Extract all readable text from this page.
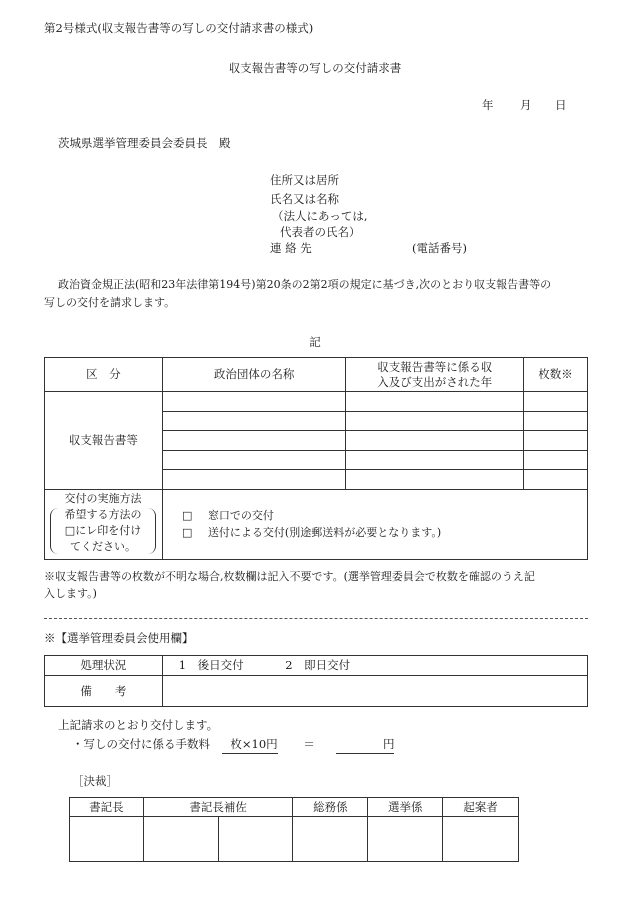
第2号様式(収支報告書等の写しの交付請求書の様式)

収支報告書等の写しの交付請求書

年 月 日

茨城県選挙管理委員会委員長　殿

住所又は居所

氏名又は名称

（法人にあっては,

代表者の氏名）

連 絡 先	(電話番号)

政治資金規正法(昭和23年法律第194号)第20条の2第2項の規定に基づき,次のとおり収支報告書等の

写しの交付を請求します。

記

区　分	政治団体の名称	収支報告書等に係る収
入及び支出がされた年	枚数※
収支報告書等			

交付の実施方法

希望する方法の

□にレ印を付け

てください。

□ 窓口での交付
□ 送付による交付(別途郵送料が必要となります。)

※収支報告書等の枚数が不明な場合,枚数欄は記入不要です。(選挙管理委員会で枚数を確認のうえ記

入します。)

※【選挙管理委員会使用欄】

処理状況	1　後日交付 2　即日交付
備　　考	

上記請求のとおり交付します。

・写しの交付に係る手数料 枚×10円 ＝	円

［決裁］

書記長	書記長補佐		総務係	選挙係	起案者
